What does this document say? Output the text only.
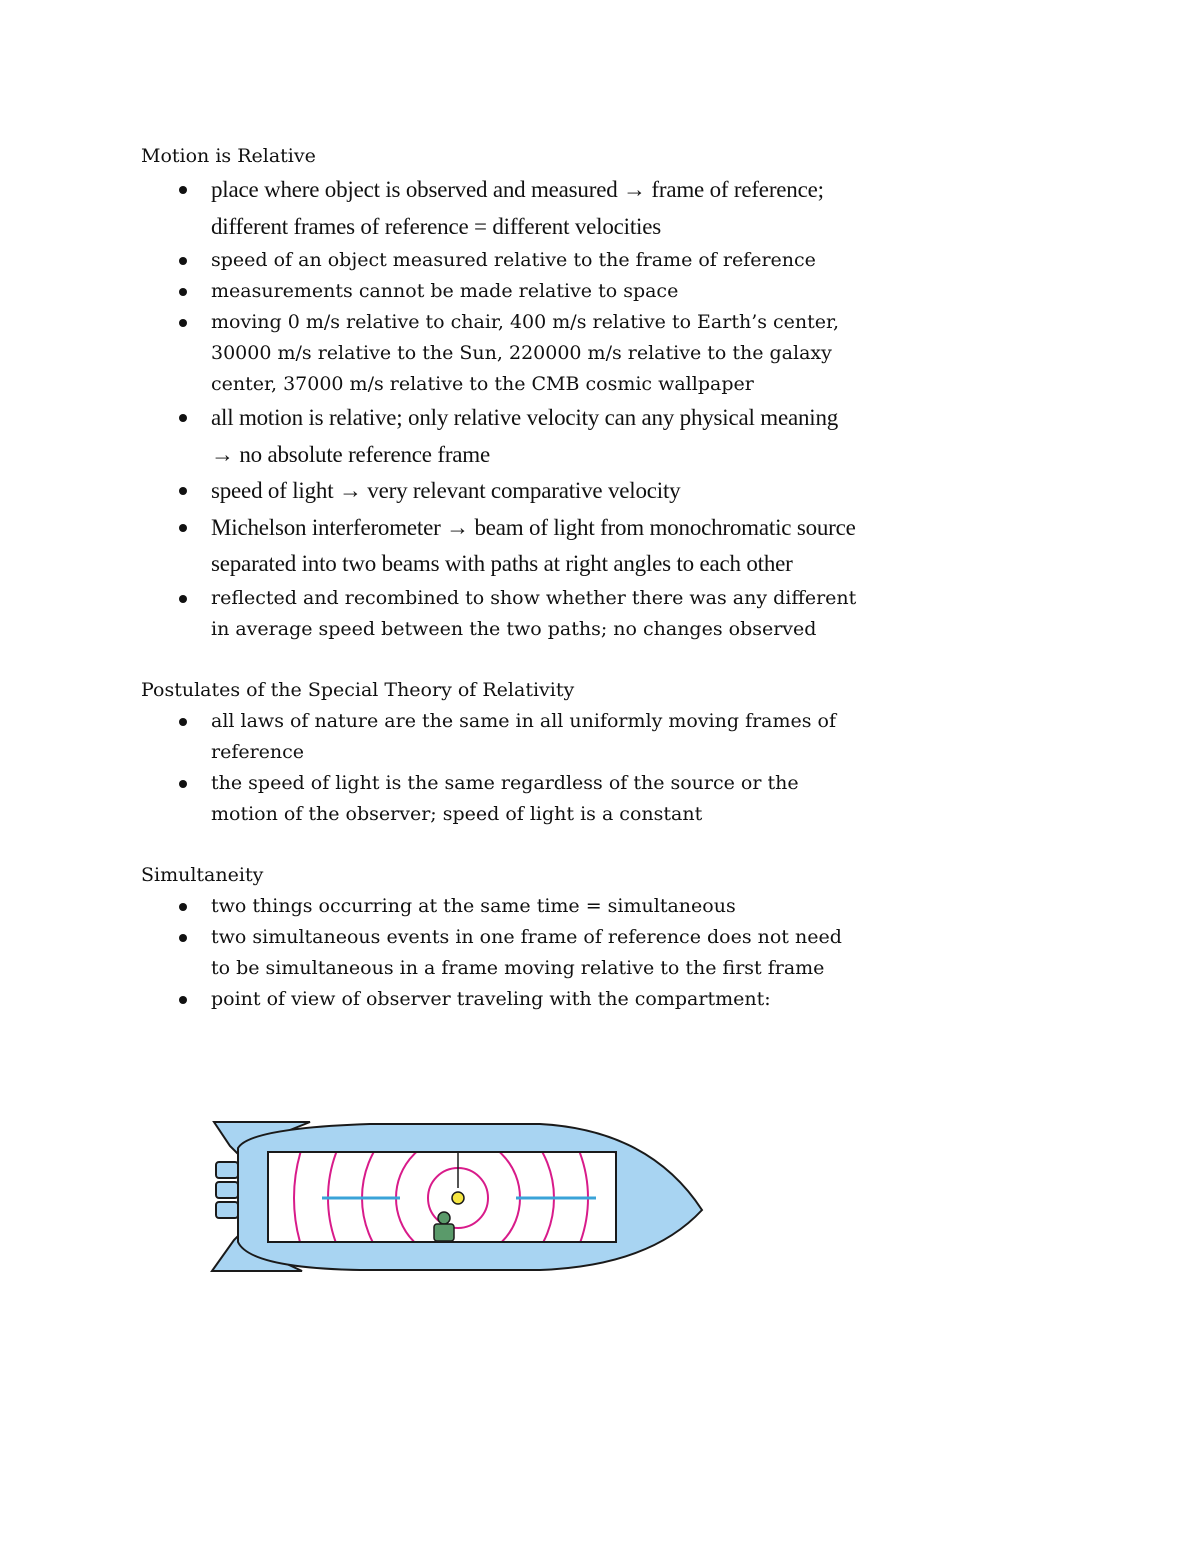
Motion is Relative

place where object is observed and measured → frame of reference; different frames of reference = different velocities
speed of an object measured relative to the frame of reference
measurements cannot be made relative to space
moving 0 m/s relative to chair, 400 m/s relative to Earth’s center, 30000 m/s relative to the Sun, 220000 m/s relative to the galaxy center, 37000 m/s relative to the CMB cosmic wallpaper
all motion is relative; only relative velocity can any physical meaning → no absolute reference frame
speed of light → very relevant comparative velocity
Michelson interferometer → beam of light from monochromatic source separated into two beams with paths at right angles to each other
reflected and recombined to show whether there was any different in average speed between the two paths; no changes observed

Postulates of the Special Theory of Relativity

all laws of nature are the same in all uniformly moving frames of reference
the speed of light is the same regardless of the source or the motion of the observer; speed of light is a constant

Simultaneity

two things occurring at the same time = simultaneous
two simultaneous events in one frame of reference does not need to be simultaneous in a frame moving relative to the first frame
point of view of observer traveling with the compartment:
